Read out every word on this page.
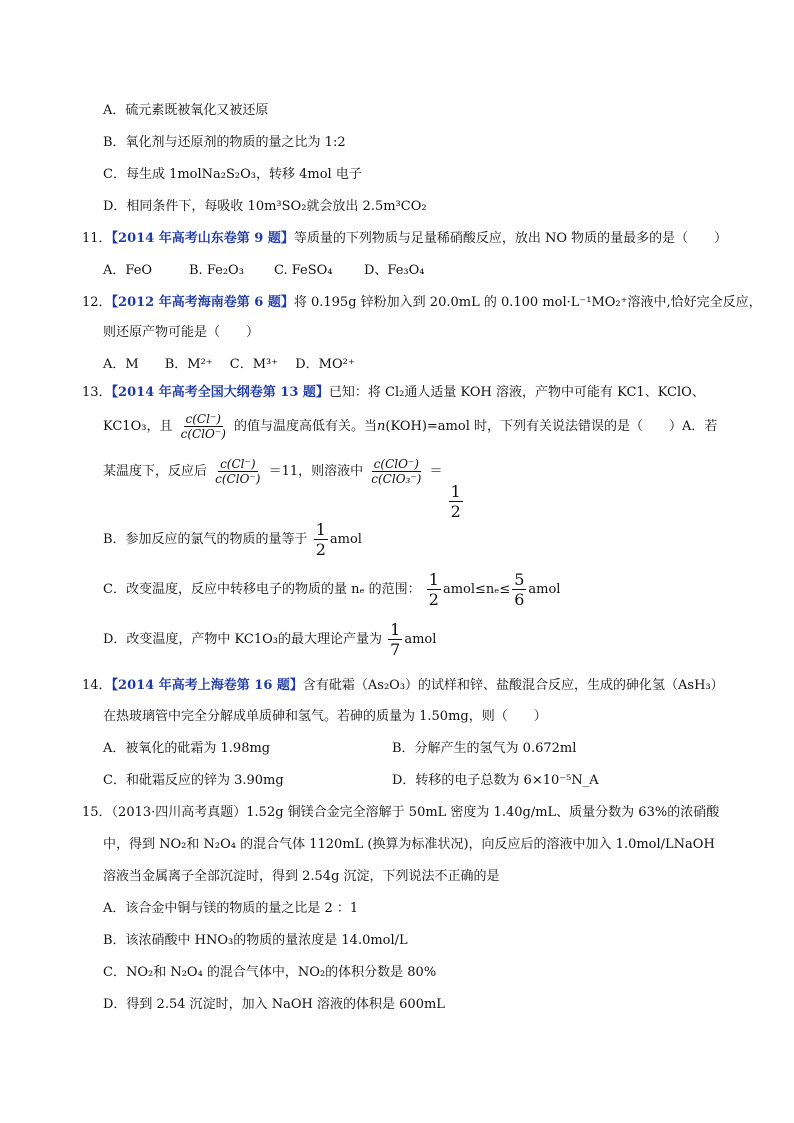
A．硫元素既被氧化又被还原
B．氧化剂与还原剂的物质的量之比为 1:2
C．每生成 1molNa₂S₂O₃，转移 4mol 电子
D．相同条件下，每吸收 10m³SO₂就会放出 2.5m³CO₂
11．【2014 年高考山东卷第 9 题】等质量的下列物质与足量稀硝酸反应，放出 NO 物质的量最多的是（　　）
A．FeO	B. Fe₂O₃ C. FeSO₄ D、Fe₃O₄
12．【2012 年高考海南卷第 6 题】将 0.195g 锌粉加入到 20.0mL 的 0.100 mol·L⁻¹MO₂⁺溶液中,恰好完全反应，
则还原产物可能是（　　）
A．M　　B．M²⁺　 C．M³⁺　 D．MO²⁺
13．【2014 年高考全国大纲卷第 13 题】已知：将 Cl₂通人适量 KOH 溶液，产物中可能有 KC1、KClO、
KC1O₃，且 $\frac{c(Cl^-)}{\text{c(ClO⁻)}}$ 的值与温度高低有关。当n(KOH)=amol 时，下列有关说法错误的是（　　）A．若
某温度下，反应后 $\frac{c(Cl^-)}{\text{c(ClO⁻)}} =11$，则溶液中 $\frac{\text{c(ClO⁻)}}{\text{c(ClO₃⁻)}}$ ＝
$\frac{1}{2}$
B．参加反应的氯气的物质的量等于 $\frac{1}{2}$ amol
C．改变温度，反应中转移电子的物质的量 nₑ 的范围： $\frac{1}{2}$ amol≤nₑ≤ $\frac{5}{6}$ amol
D．改变温度，产物中 KC1O₃的最大理论产量为 $\frac{1}{7}$ amol
14．【2014 年高考上海卷第 16 题】含有砒霜（As₂O₃）的试样和锌、盐酸混合反应，生成的砷化氢（AsH₃）
在热玻璃管中完全分解成单质砷和氢气。若砷的质量为 1.50mg，则（　　）
A．被氧化的砒霜为 1.98mg	B．分解产生的氢气为 0.672ml
C．和砒霜反应的锌为 3.90mg	D．转移的电子总数为 6×10⁻⁵N_A
15．（2013·四川高考真题）1.52g 铜镁合金完全溶解于 50mL 密度为 1.40g/mL、质量分数为 63%的浓硝酸
中，得到 NO₂和 N₂O₄ 的混合气体 1120mL (换算为标准状况)，向反应后的溶液中加入 1.0mol/LNaOH
溶液当金属离子全部沉淀时，得到 2.54g 沉淀，下列说法不正确的是
A．该合金中铜与镁的物质的量之比是 2 ：1
B．该浓硝酸中 HNO₃的物质的量浓度是 14.0mol/L
C．NO₂和 N₂O₄ 的混合气体中，NO₂的体积分数是 80%
D．得到 2.54 沉淀时，加入 NaOH 溶液的体积是 600mL
